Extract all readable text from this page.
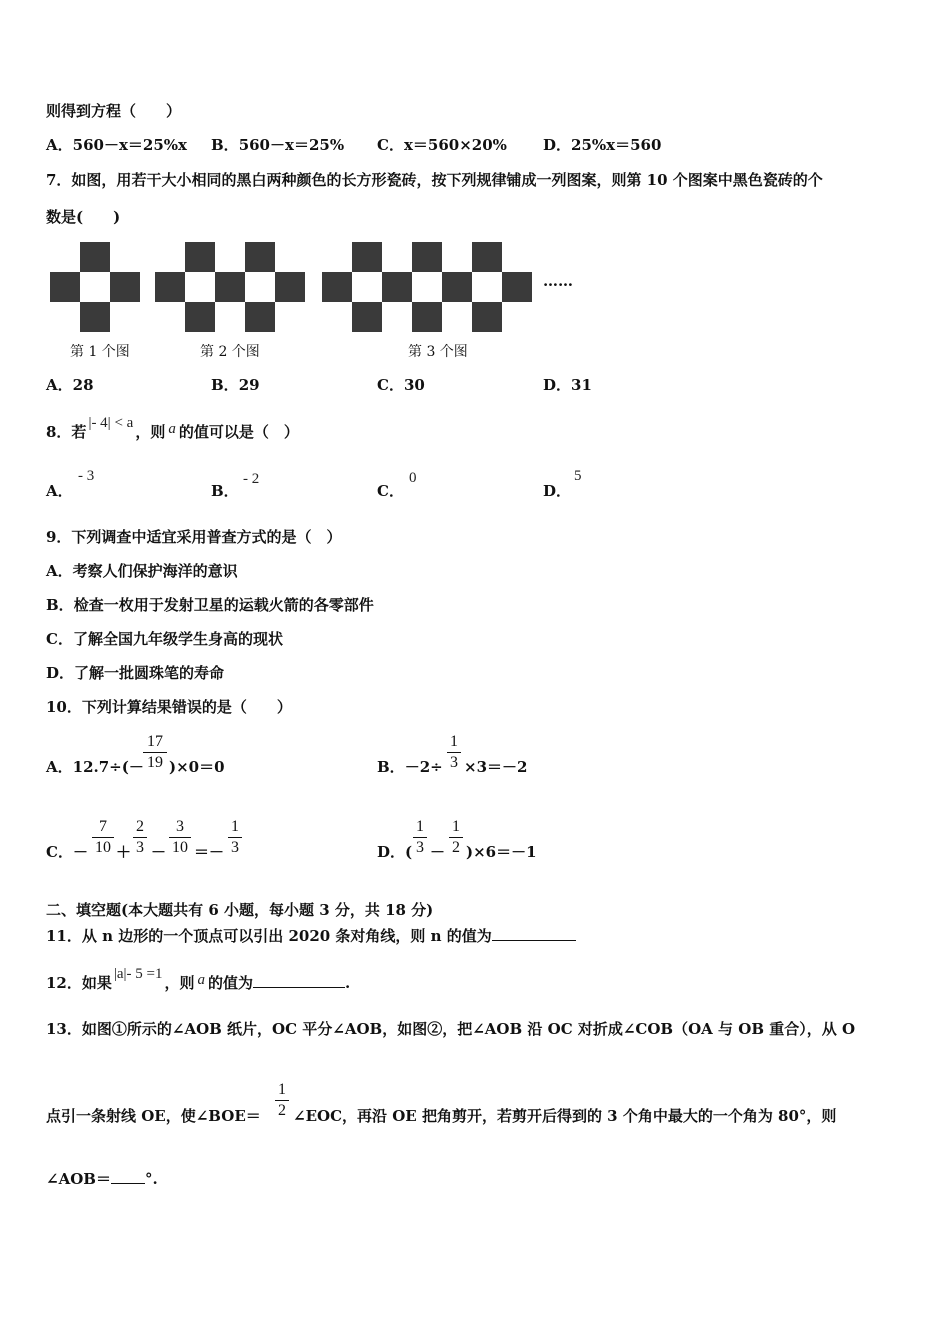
则得到方程（　　）
A．560－x＝25%x B．560－x＝25% C．x＝560×20% D．25%x＝560
7．如图，用若干大小相同的黑白两种颜色的长方形瓷砖，按下列规律铺成一列图案，则第 10 个图案中黑色瓷砖的个
数是(　　)
……
第 1 个图	第 2 个图	第 3 个图
A．28	B．29	C．30	D．31
8．若 |- 4| < a ，则 a 的值可以是（　）
A．
- 3
B．
- 2
C．
0
D．
5
9．下列调查中适宜采用普查方式的是（　）
A．考察人们保护海洋的意识
B．检查一枚用于发射卫星的运载火箭的各零部件
C．了解全国九年级学生身高的现状
D．了解一批圆珠笔的寿命
10．下列计算结果错误的是（　　）
A．12.7÷(－
17
19 )×0＝0	B．－2÷
1
3 ×3＝－2
C．－
7
10 ＋
2
3 －
3
10 ＝－
1
3	D．(
1
3 －
1
2 )×6＝－1
二、填空题(本大题共有 6 小题，每小题 3 分，共 18 分)
11．从 n 边形的一个顶点可以引出 2020 条对角线，则 n 的值为
12．如果 |a|- 5 =1 ，则 a 的值为	.
13．如图①所示的∠AOB 纸片，OC 平分∠AOB，如图②，把∠AOB 沿 OC 对折成∠COB（OA 与 OB 重合），从 O
点引一条射线 OE，使∠BOE＝
1
2 ∠EOC，再沿 OE 把角剪开，若剪开后得到的 3 个角中最大的一个角为 80°，则
∠AOB＝ °.
